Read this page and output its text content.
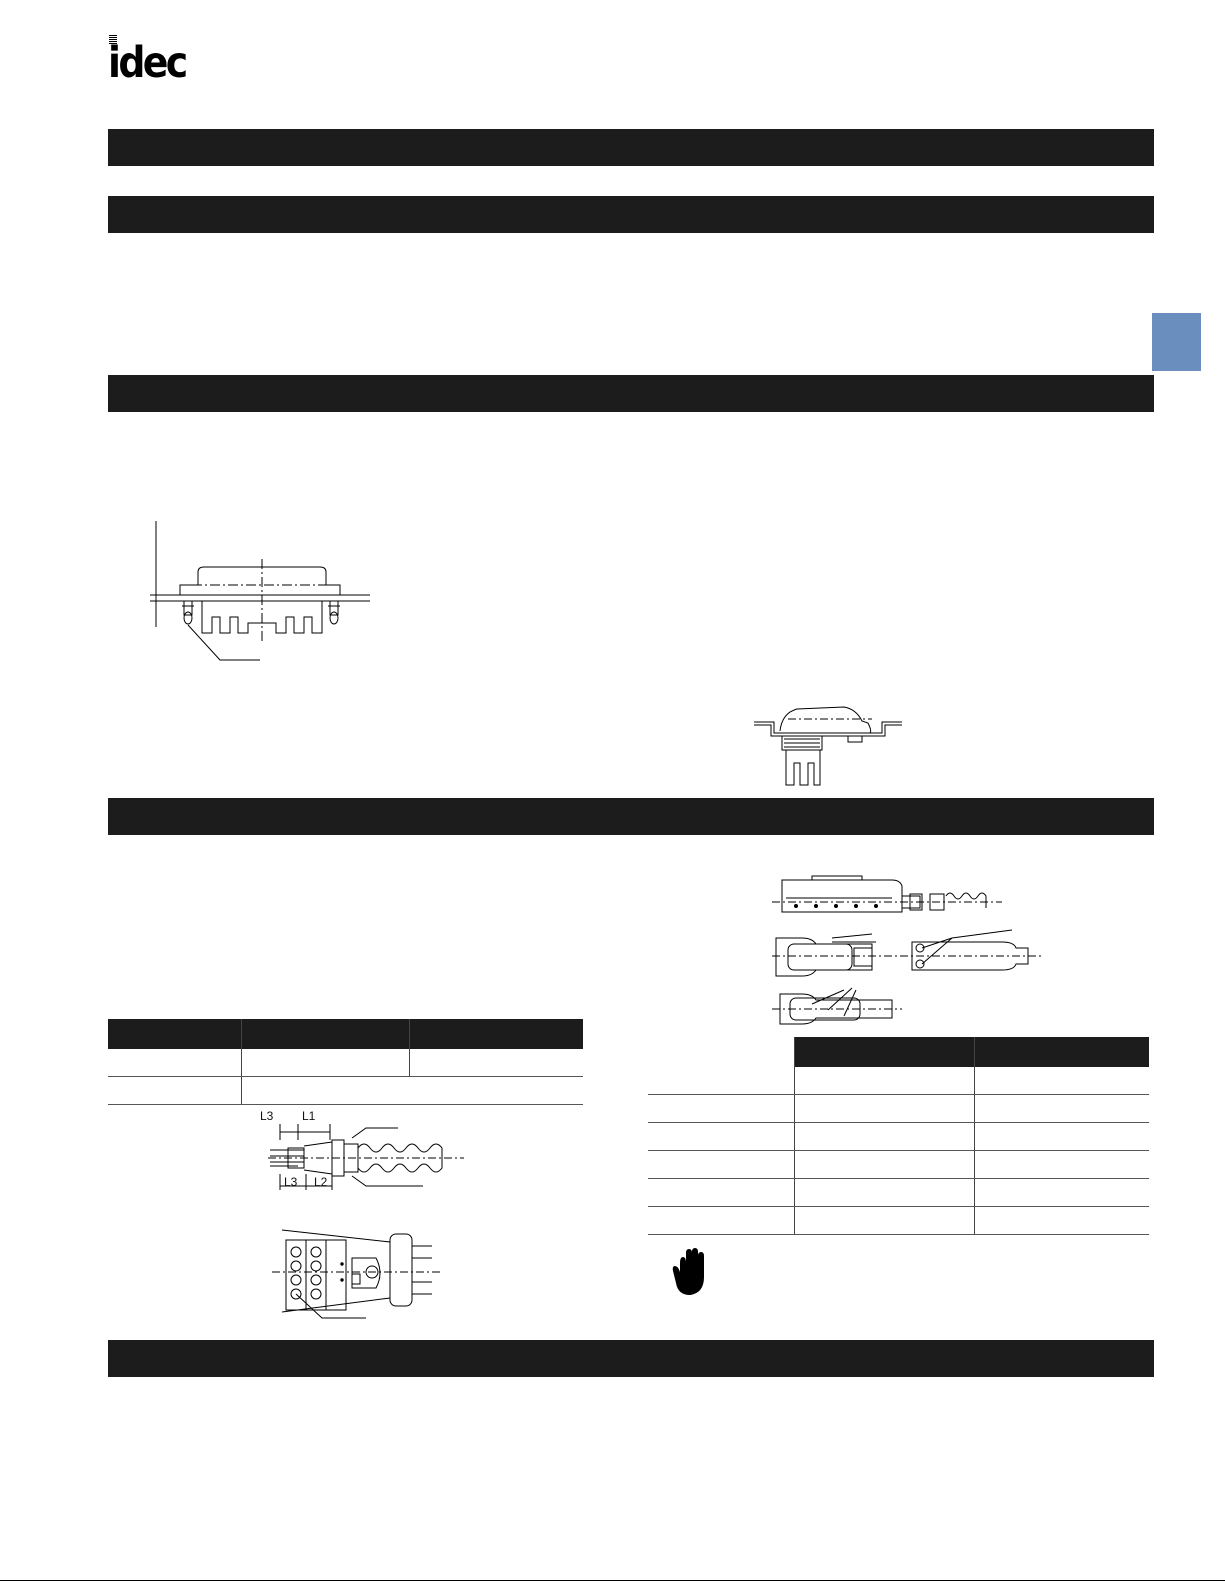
idec
L3 L1
L3 L2
